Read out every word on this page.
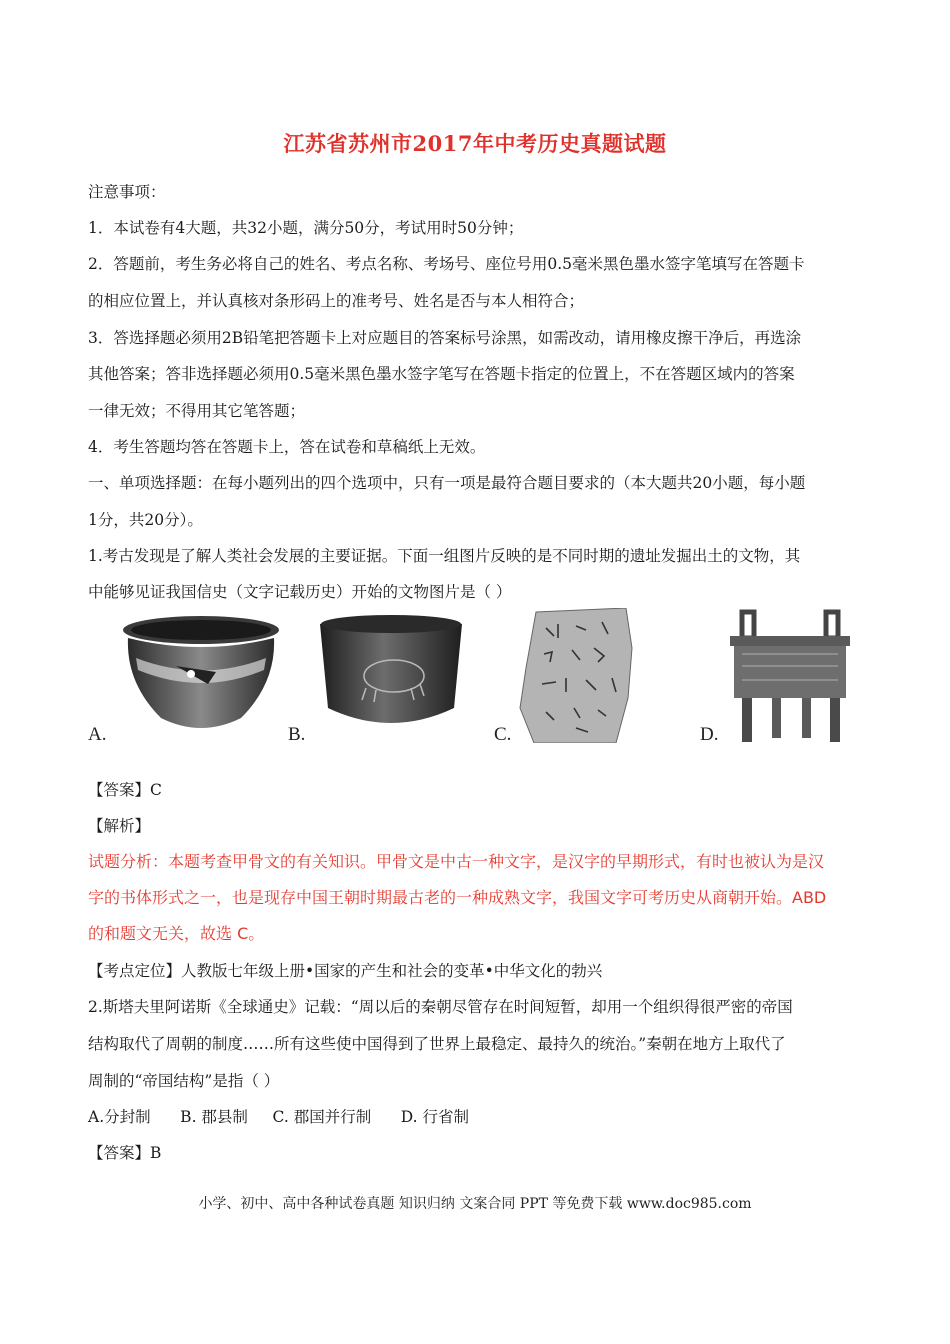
江苏省苏州市2017年中考历史真题试题
注意事项：
1．本试卷有4大题，共32小题，满分50分，考试用时50分钟；
2．答题前，考生务必将自己的姓名、考点名称、考场号、座位号用0.5毫米黑色墨水签字笔填写在答题卡
的相应位置上，并认真核对条形码上的准考号、姓名是否与本人相符合；
3．答选择题必须用2B铅笔把答题卡上对应题目的答案标号涂黑，如需改动，请用橡皮擦干净后，再选涂
其他答案；答非选择题必须用0.5毫米黑色墨水签字笔写在答题卡指定的位置上，不在答题区域内的答案
一律无效；不得用其它笔答题；
4．考生答题均答在答题卡上，答在试卷和草稿纸上无效。
一、单项选择题：在每小题列出的四个选项中，只有一项是最符合题目要求的（本大题共20小题，每小题
1分，共20分）。
1.考古发现是了解人类社会发展的主要证据。下面一组图片反映的是不同时期的遗址发掘出土的文物，其
中能够见证我国信史（文字记载历史）开始的文物图片是（ ）
A.	B.	C.	D.
【答案】C
【解析】
试题分析：本题考查甲骨文的有关知识。甲骨文是中古一种文字，是汉字的早期形式，有时也被认为是汉
字的书体形式之一，也是现存中国王朝时期最古老的一种成熟文字，我国文字可考历史从商朝开始。ABD
的和题文无关，故选 C。
【考点定位】人教版七年级上册•国家的产生和社会的变革•中华文化的勃兴
2.斯塔夫里阿诺斯《全球通史》记载：“周以后的秦朝尽管存在时间短暂，却用一个组织得很严密的帝国
结构取代了周朝的制度……所有这些使中国得到了世界上最稳定、最持久的统治。”秦朝在地方上取代了
周制的“帝国结构”是指（ ）
A.分封制      B. 郡县制     C. 郡国并行制      D. 行省制
【答案】B
小学、初中、高中各种试卷真题 知识归纳 文案合同 PPT 等免费下载 www.doc985.com
